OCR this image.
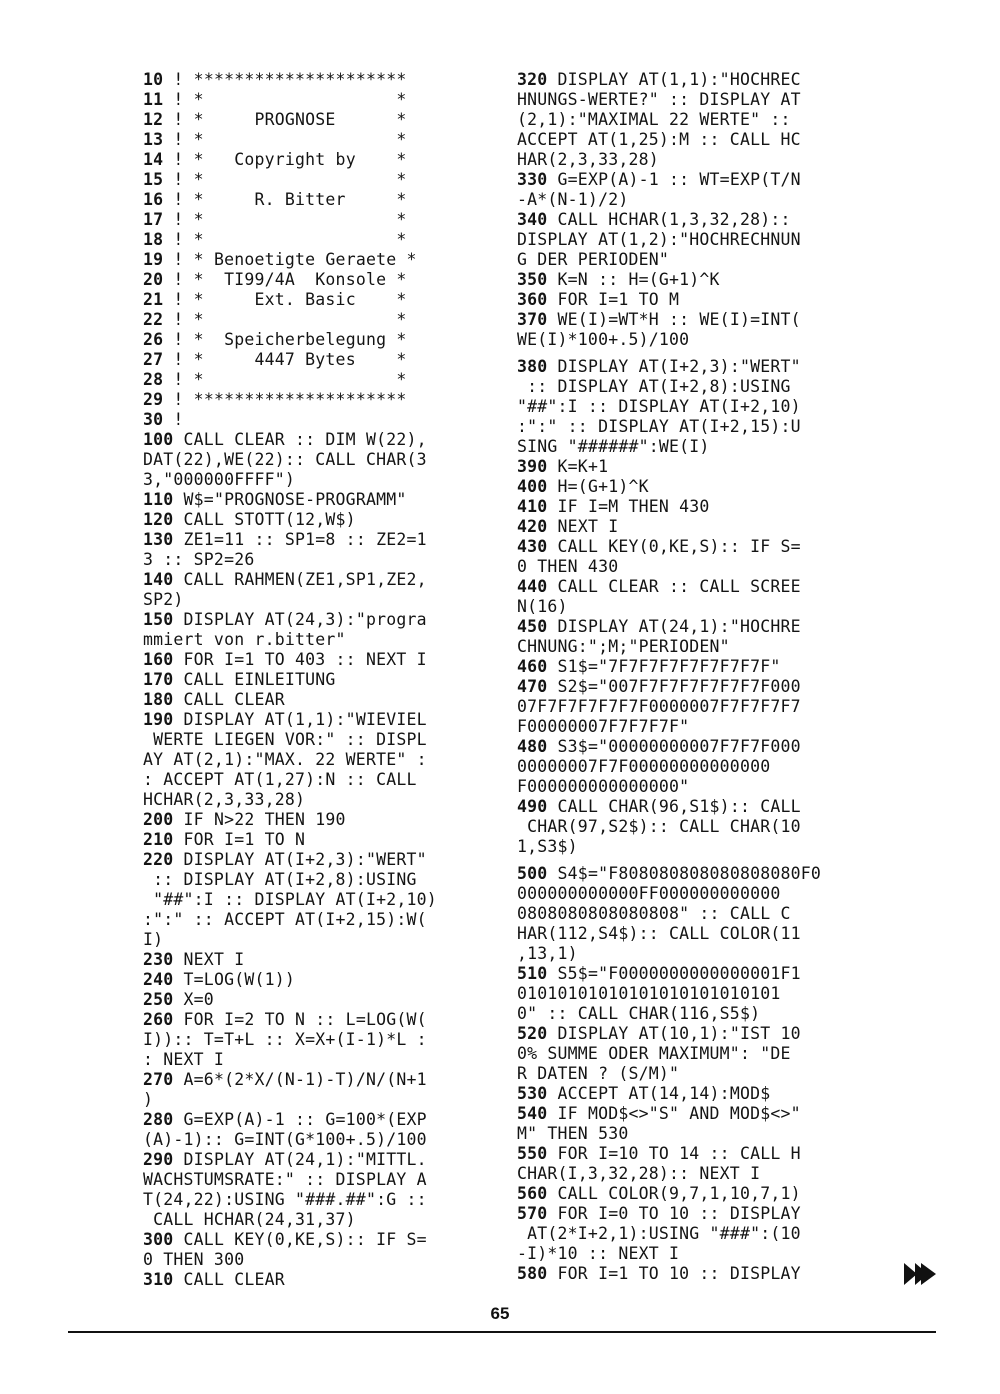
10 ! *********************
11 ! *                   *
12 ! *     PROGNOSE      *
13 ! *                   *
14 ! *   Copyright by    *
15 ! *                   *
16 ! *     R. Bitter     *
17 ! *                   *
18 ! *                   *
19 ! * Benoetigte Geraete *
20 ! *  TI99/4A  Konsole *
21 ! *     Ext. Basic    *
22 ! *                   *
26 ! *  Speicherbelegung *
27 ! *     4447 Bytes    *
28 ! *                   *
29 ! *********************
30 !
100 CALL CLEAR :: DIM W(22),
DAT(22),WE(22):: CALL CHAR(3
3,"000000FFFF")
110 W$="PROGNOSE-PROGRAMM"
120 CALL STOTT(12,W$)
130 ZE1=11 :: SP1=8 :: ZE2=1
3 :: SP2=26
140 CALL RAHMEN(ZE1,SP1,ZE2,
SP2)
150 DISPLAY AT(24,3):"progra
mmiert von r.bitter"
160 FOR I=1 TO 403 :: NEXT I
170 CALL EINLEITUNG
180 CALL CLEAR
190 DISPLAY AT(1,1):"WIEVIEL
WERTE LIEGEN VOR:" :: DISPL
AY AT(2,1):"MAX. 22 WERTE" :
: ACCEPT AT(1,27):N :: CALL
HCHAR(2,3,33,28)
200 IF N>22 THEN 190
210 FOR I=1 TO N
220 DISPLAY AT(I+2,3):"WERT"
:: DISPLAY AT(I+2,8):USING
"##":I :: DISPLAY AT(I+2,10)
:":" :: ACCEPT AT(I+2,15):W(
I)
230 NEXT I
240 T=LOG(W(1))
250 X=0
260 FOR I=2 TO N :: L=LOG(W(
I)):: T=T+L :: X=X+(I-1)*L :
: NEXT I
270 A=6*(2*X/(N-1)-T)/N/(N+1
)
280 G=EXP(A)-1 :: G=100*(EXP
(A)-1):: G=INT(G*100+.5)/100
290 DISPLAY AT(24,1):"MITTL.
WACHSTUMSRATE:" :: DISPLAY A
T(24,22):USING "###.##":G ::
CALL HCHAR(24,31,37)
300 CALL KEY(0,KE,S):: IF S=
0 THEN 300
310 CALL CLEAR
320 DISPLAY AT(1,1):"HOCHREC
HNUNGS-WERTE?" :: DISPLAY AT
(2,1):"MAXIMAL 22 WERTE" ::
ACCEPT AT(1,25):M :: CALL HC
HAR(2,3,33,28)
330 G=EXP(A)-1 :: WT=EXP(T/N
-A*(N-1)/2)
340 CALL HCHAR(1,3,32,28)::
DISPLAY AT(1,2):"HOCHRECHNUN
G DER PERIODEN"
350 K=N :: H=(G+1)^K
360 FOR I=1 TO M
370 WE(I)=WT*H :: WE(I)=INT(
WE(I)*100+.5)/100
380 DISPLAY AT(I+2,3):"WERT"
:: DISPLAY AT(I+2,8):USING
"##":I :: DISPLAY AT(I+2,10)
:":" :: DISPLAY AT(I+2,15):U
SING "######":WE(I)
390 K=K+1
400 H=(G+1)^K
410 IF I=M THEN 430
420 NEXT I
430 CALL KEY(0,KE,S):: IF S=
0 THEN 430
440 CALL CLEAR :: CALL SCREE
N(16)
450 DISPLAY AT(24,1):"HOCHRE
CHNUNG:";M;"PERIODEN"
460 S1$="7F7F7F7F7F7F7F7F"
470 S2$="007F7F7F7F7F7F7F000
07F7F7F7F7F7F0000007F7F7F7F7
F00000007F7F7F7F"
480 S3$="00000000007F7F7F000
00000007F7F00000000000000
F000000000000000"
490 CALL CHAR(96,S1$):: CALL
CHAR(97,S2$):: CALL CHAR(10
1,S3$)
500 S4$="F808080808080808080F0
000000000000FF000000000000
0808080808080808" :: CALL C
HAR(112,S4$):: CALL COLOR(11
,13,1)
510 S5$="F0000000000000001F1
01010101010101010101010101
0" :: CALL CHAR(116,S5$)
520 DISPLAY AT(10,1):"IST 10
0% SUMME ODER MAXIMUM": "DE
R DATEN ? (S/M)"
530 ACCEPT AT(14,14):MOD$
540 IF MOD$<>"S" AND MOD$<>"
M" THEN 530
550 FOR I=10 TO 14 :: CALL H
CHAR(I,3,32,28):: NEXT I
560 CALL COLOR(9,7,1,10,7,1)
570 FOR I=0 TO 10 :: DISPLAY
AT(2*I+2,1):USING "###":(10
-I)*10 :: NEXT I
580 FOR I=1 TO 10 :: DISPLAY
65
